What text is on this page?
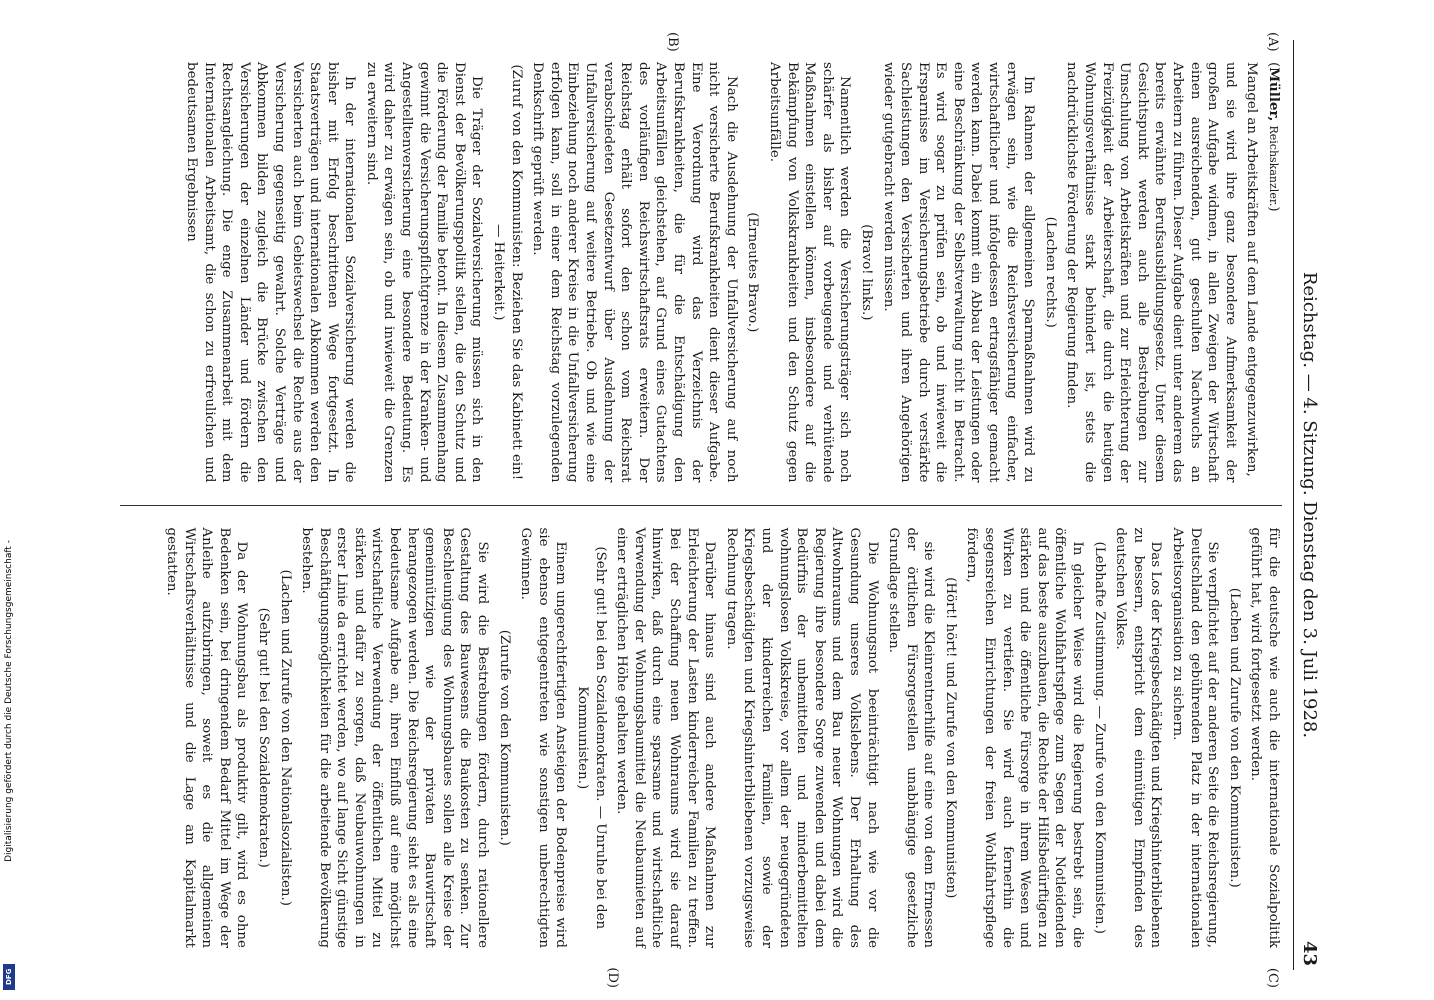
Reichstag. — 4. Sitzung. Dienstag den 3. Juli 1928.
43
(A)
(B)
(C)
(D)

(Müller, Reichskanzler.)

Mangel an Arbeitskräften auf dem Lande entgegenzuwirken,

und sie wird ihre ganz besondere Aufmerksamkeit der großen Aufgabe widmen, in allen Zweigen der Wirtschaft einen ausreichenden, gut geschulten Nachwuchs an Arbeitern zu führen. Dieser Aufgabe dient unter anderem das bereits erwähnte Berufsausbildungsgesetz. Unter diesem Gesichtspunkt werden auch alle Bestrebungen zur Umschulung von Arbeitskräften und zur Erleichterung der Freizügigkeit der Arbeiterschaft, die durch die heutigen Wohnungsverhältnisse stark behindert ist, stets die nachdrücklichste Förderung der Regierung finden.

(Lachen rechts.)

Im Rahmen der allgemeinen Sparmaßnahmen wird zu erwägen sein, wie die Reichsversicherung einfacher, wirtschaftlicher und infolgedessen ertragsfähiger gemacht werden kann. Dabei kommt ein Abbau der Leistungen oder eine Beschränkung der Selbstverwaltung nicht in Betracht. Es wird sogar zu prüfen sein, ob und inwieweit die Ersparnisse im Versicherungsbetriebe durch verstärkte Sachleistungen den Versicherten und ihren Angehörigen wieder gutgebracht werden müssen.

(Bravo! links.)

Namentlich werden die Versicherungsträger sich noch schärfer als bisher auf vorbeugende und verhütende Maßnahmen einstellen können, insbesondere auf die Bekämpfung von Volkskrankheiten und den Schutz gegen Arbeitsunfälle.

(Erneutes Bravo.)

Nach die Ausdehnung der Unfallversicherung auf noch nicht versicherte Berufskrankheiten dient dieser Aufgabe. Eine Verordnung wird das Verzeichnis der Berufskrankheiten, die für die Entschädigung den Arbeitsunfällen gleichstehen, auf Grund eines Gutachtens des vorläufigen Reichswirtschaftsrats erweitern. Der Reichstag erhält sofort den schon vom Reichsrat verabschiedeten Gesetzentwurf über Ausdehnung der Unfallversicherung auf weitere Betriebe. Ob und wie eine Einbeziehung noch anderer Kreise in die Unfallversicherung erfolgen kann, soll in einer dem Reichstag vorzulegenden Denkschrift geprüft werden.

(Zuruf von den Kommunisten: Beziehen Sie das Kabinett ein! — Heiterkeit.)

Die Träger der Sozialversicherung müssen sich in den Dienst der Bevölkerungspolitik stellen, die den Schutz und die Förderung der Familie betont. In diesem Zusammenhang gewinnt die Versicherungspflichtgrenze in der Kranken- und Angestelltenversicherung eine besondere Bedeutung. Es wird daher zu erwägen sein, ob und inwieweit die Grenzen zu erweitern sind.

In der internationalen Sozialversicherung werden die bisher mit Erfolg beschrittenen Wege fortgesetzt. In Staatsverträgen und internationalen Abkommen werden den Versicherten auch beim Gebietswechsel die Rechte aus der Versicherung gegenseitig gewahrt. Solche Verträge und Abkommen bilden zugleich die Brücke zwischen den Versicherungen der einzelnen Länder und fördern die Rechtsangleichung. Die enge Zusammenarbeit mit dem Internationalen Arbeitsamt, die schon zu erfreulichen und bedeutsamen Ergebnissen

für die deutsche wie auch die internationale Sozialpolitik geführt hat, wird fortgesetzt werden.

(Lachen und Zurufe von den Kommunisten.)

Sie verpflichtet auf der anderen Seite die Reichsregierung, Deutschland den gebührenden Platz in der internationalen Arbeitsorganisation zu sichern.

Das Los der Kriegsbeschädigten und Kriegshinterbliebenen zu bessern, entspricht dem einmütigen Empfinden des deutschen Volkes.

(Lebhafte Zustimmung. — Zurufe von den Kommunisten.)

In gleicher Weise wird die Regierung bestrebt sein, die öffentliche Wohlfahrtspflege zum Segen der Notleidenden auf das beste auszubauen, die Rechte der Hilfsbedürftigen zu stärken und die öffentliche Fürsorge in ihrem Wesen und Wirken zu vertiefen. Sie wird auch fernerhin die segensreichen Einrichtungen der freien Wohlfahrtspflege fördern,

(Hört! hört! und Zurufe von den Kommunisten)

sie wird die Kleinrentnerhilfe auf eine von dem Ermessen der örtlichen Fürsorgestellen unabhängige gesetzliche Grundlage stellen.

Die Wohnungsnot beeinträchtigt nach wie vor die Gesundung unseres Volkslebens. Der Erhaltung des Altwohnraums und dem Bau neuer Wohnungen wird die Regierung ihre besondere Sorge zuwenden und dabei dem Bedürfnis der unbemittelten und minderbemittelten wohnungslosen Volkskreise, vor allem der neugegründeten und der kinderreichen Familien, sowie der Kriegsbeschädigten und Kriegshinterbliebenen vorzugsweise Rechnung tragen.

Darüber hinaus sind auch andere Maßnahmen zur Erleichterung der Lasten kinderreicher Familien zu treffen. Bei der Schaffung neuen Wohnraums wird sie darauf hinwirken, daß durch eine sparsame und wirtschaftliche Verwendung der Wohnungsbaumittel die Neubaumieten auf einer erträglichen Höhe gehalten werden.

(Sehr gut! bei den Sozialdemokraten. — Unruhe bei den Kommunisten.)

Einem ungerechtfertigten Ansteigen der Bodenpreise wird sie ebenso entgegentreten wie sonstigen unberechtigten Gewinnen.

(Zurufe von den Kommunisten.)

Sie wird die Bestrebungen fördern, durch rationellere Gestaltung des Bauwesens die Baukosten zu senken. Zur Beschleunigung des Wohnungsbaues sollen alle Kreise der gemeinnützigen wie der privaten Bauwirtschaft herangezogen werden. Die Reichsregierung sieht es als eine bedeutsame Aufgabe an, ihren Einfluß auf eine möglichst wirtschaftliche Verwendung der öffentlichen Mittel zu stärken und dafür zu sorgen, daß Neubauwohnungen in erster Linie da errichtet werden, wo auf lange Sicht günstige Beschäftigungsmöglichkeiten für die arbeitende Bevölkerung bestehen.

(Lachen und Zurufe von den Nationalsozialisten.)

(Sehr gut! bei den Sozialdemokraten.)

Da der Wohnungsbau als produktiv gilt, wird es ohne Bedenken sein, bei dringendem Bedarf Mittel im Wege der Anleihe aufzubringen, soweit es die allgemeinen Wirtschaftsverhältnisse und die Lage am Kapitalmarkt gestatten.

Digitalisierung gefördert durch die Deutsche Forschungsgemeinschaft -
DFG
